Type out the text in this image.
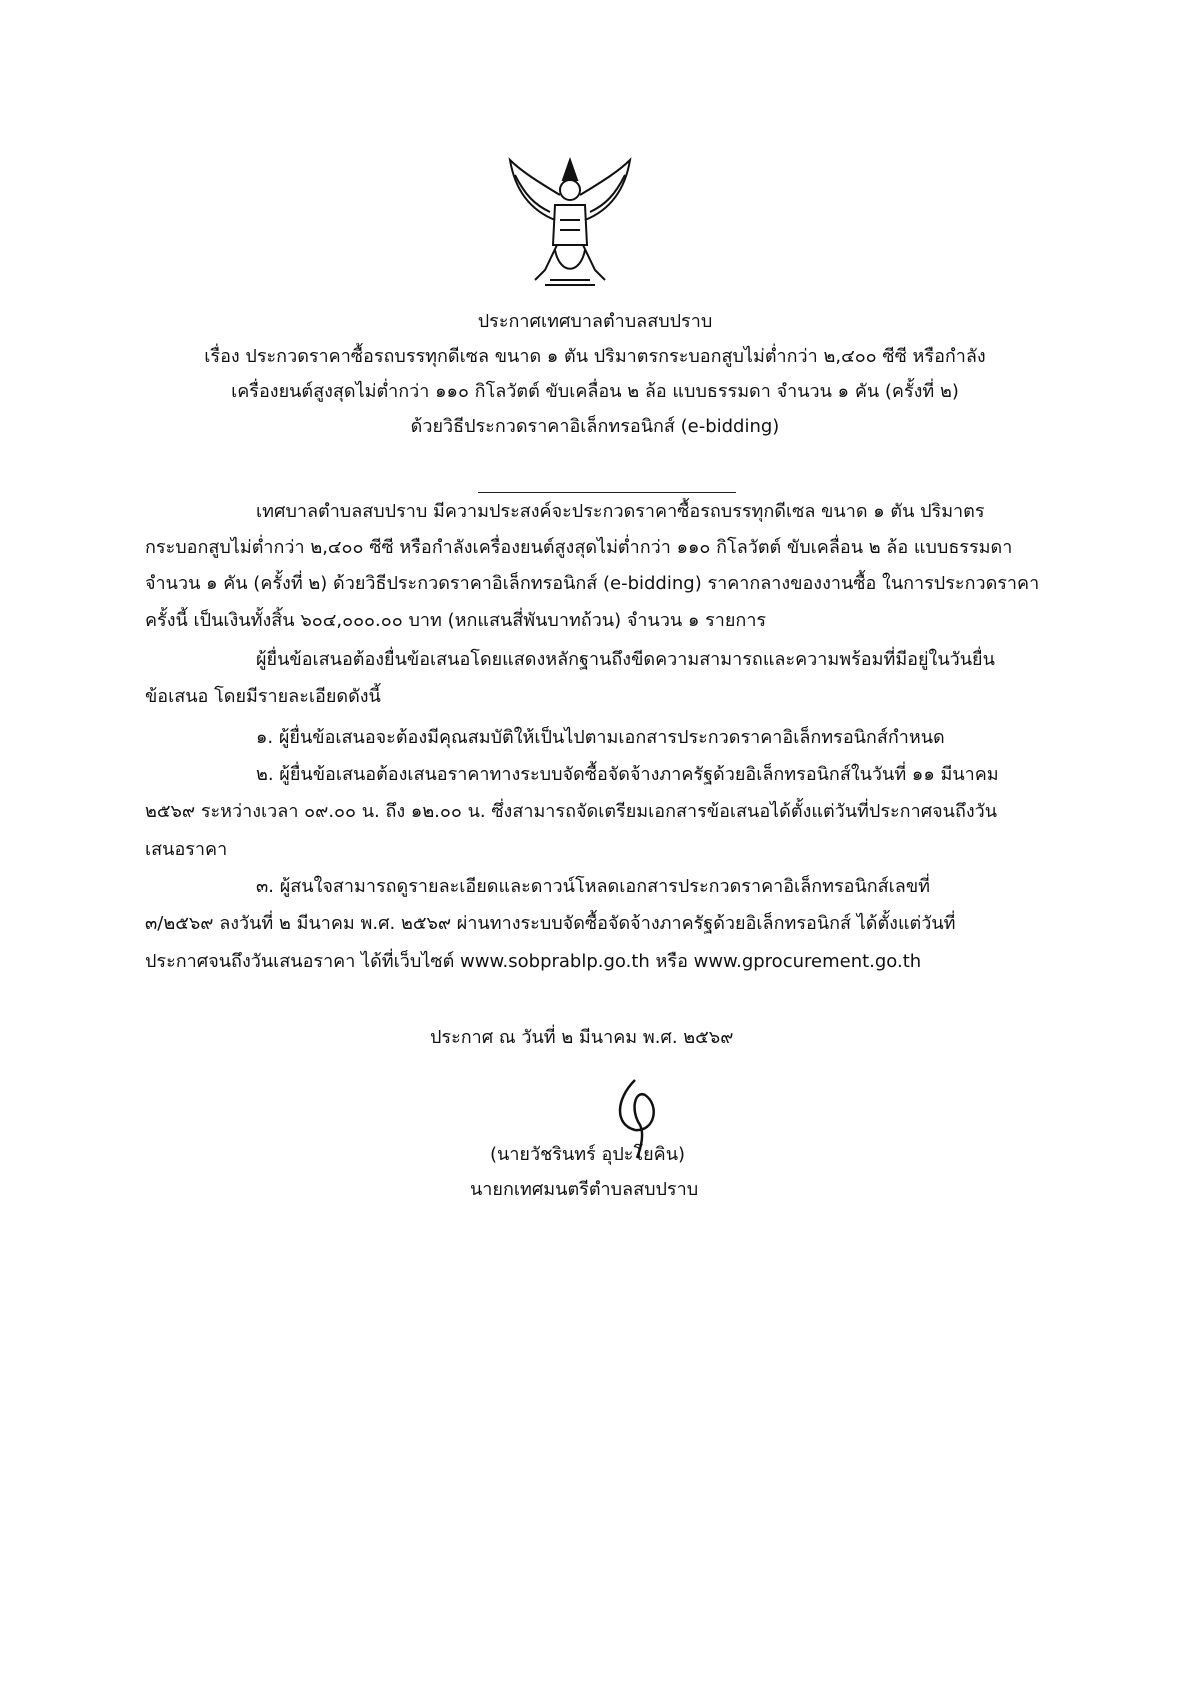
ประกาศเทศบาลตำบลสบปราบ
เรื่อง ประกวดราคาซื้อรถบรรทุกดีเซล ขนาด ๑ ตัน ปริมาตรกระบอกสูบไม่ต่ำกว่า ๒,๔๐๐ ซีซี หรือกำลัง
เครื่องยนต์สูงสุดไม่ต่ำกว่า ๑๑๐ กิโลวัตต์ ขับเคลื่อน ๒ ล้อ แบบธรรมดา จำนวน ๑ คัน (ครั้งที่ ๒)
ด้วยวิธีประกวดราคาอิเล็กทรอนิกส์ (e-bidding)
เทศบาลตำบลสบปราบ มีความประสงค์จะประกวดราคาซื้อรถบรรทุกดีเซล ขนาด ๑ ตัน ปริมาตร
กระบอกสูบไม่ต่ำกว่า ๒,๔๐๐ ซีซี หรือกำลังเครื่องยนต์สูงสุดไม่ต่ำกว่า ๑๑๐ กิโลวัตต์ ขับเคลื่อน ๒ ล้อ แบบธรรมดา
จำนวน ๑ คัน (ครั้งที่ ๒) ด้วยวิธีประกวดราคาอิเล็กทรอนิกส์ (e-bidding) ราคากลางของงานซื้อ ในการประกวดราคา
ครั้งนี้ เป็นเงินทั้งสิ้น ๖๐๔,๐๐๐.๐๐ บาท (หกแสนสี่พันบาทถ้วน) จำนวน ๑ รายการ
ผู้ยื่นข้อเสนอต้องยื่นข้อเสนอโดยแสดงหลักฐานถึงขีดความสามารถและความพร้อมที่มีอยู่ในวันยื่น
ข้อเสนอ โดยมีรายละเอียดดังนี้
๑. ผู้ยื่นข้อเสนอจะต้องมีคุณสมบัติให้เป็นไปตามเอกสารประกวดราคาอิเล็กทรอนิกส์กำหนด
๒. ผู้ยื่นข้อเสนอต้องเสนอราคาทางระบบจัดซื้อจัดจ้างภาครัฐด้วยอิเล็กทรอนิกส์ในวันที่ ๑๑ มีนาคม
๒๕๖๙ ระหว่างเวลา ๐๙.๐๐ น. ถึง ๑๒.๐๐ น. ซึ่งสามารถจัดเตรียมเอกสารข้อเสนอได้ตั้งแต่วันที่ประกาศจนถึงวัน
เสนอราคา
๓. ผู้สนใจสามารถดูรายละเอียดและดาวน์โหลดเอกสารประกวดราคาอิเล็กทรอนิกส์เลขที่
๓/๒๕๖๙ ลงวันที่ ๒ มีนาคม พ.ศ. ๒๕๖๙ ผ่านทางระบบจัดซื้อจัดจ้างภาครัฐด้วยอิเล็กทรอนิกส์ ได้ตั้งแต่วันที่
ประกาศจนถึงวันเสนอราคา ได้ที่เว็บไซต์ www.sobprablp.go.th หรือ www.gprocurement.go.th
ประกาศ ณ วันที่ ๒ มีนาคม พ.ศ. ๒๕๖๙
(นายวัชรินทร์ อุปะโยคิน)
นายกเทศมนตรีตำบลสบปราบ
